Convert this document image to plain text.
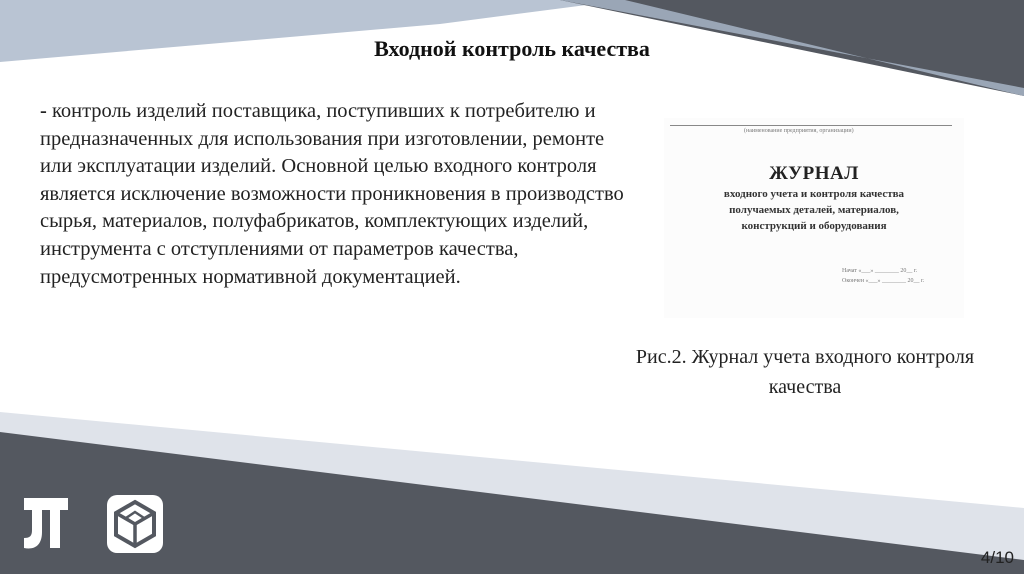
Входной контроль качества
- контроль изделий поставщика, поступивших к потребителю и предназначенных для использования при изготовлении, ремонте или эксплуатации изделий. Основной целью входного контроля является исключение возможности проникновения в производство сырья, материалов, полуфабрикатов, комплектующих изделий, инструмента с отступлениями от параметров качества, предусмотренных нормативной документацией.
(наименование предприятия, организации)
ЖУРНАЛ
входного учета и контроля качества
получаемых деталей, материалов,
конструкций и оборудования
Начат «___» ________ 20__ г.
Окончен «___» ________ 20__ г.
Рис.2. Журнал учета входного контроля качества
4/10
